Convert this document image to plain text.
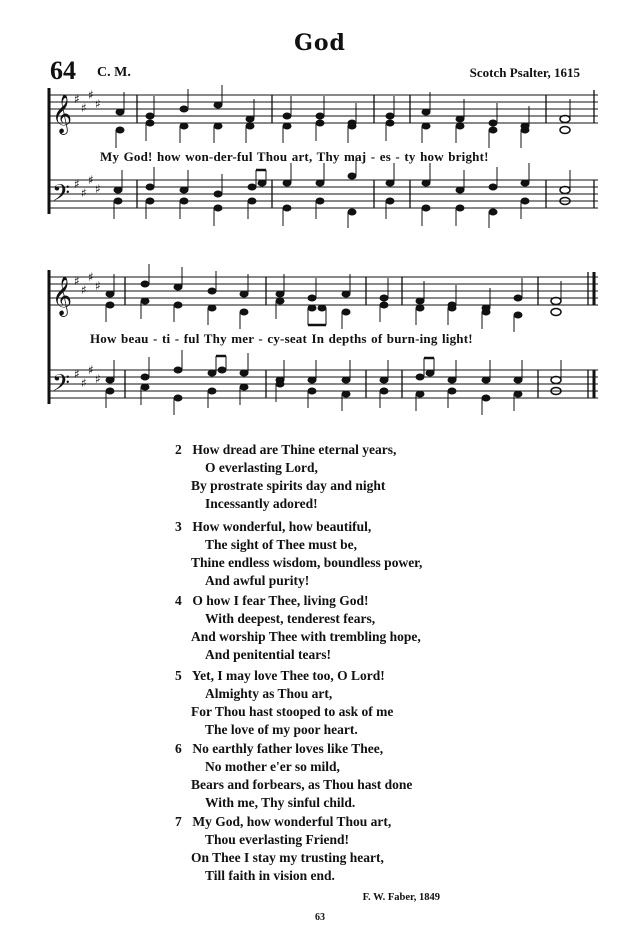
God
64 C. M.	Scotch Psalter, 1615
𝄞
𝄢
♯
♯
♯
♯
♯
♯
♯
♯
My God! how won-der-ful Thou art, Thy maj - es - ty how bright!
𝄞
𝄢
♯
♯
♯
♯
♯
♯
♯
♯
How beau - ti - ful Thy mer - cy-seat In depths of burn-ing light!
2 How dread are Thine eternal years,
O everlasting Lord,
By prostrate spirits day and night
Incessantly adored!
3 How wonderful, how beautiful,
The sight of Thee must be,
Thine endless wisdom, boundless power,
And awful purity!
4 O how I fear Thee, living God!
With deepest, tenderest fears,
And worship Thee with trembling hope,
And penitential tears!
5 Yet, I may love Thee too, O Lord!
Almighty as Thou art,
For Thou hast stooped to ask of me
The love of my poor heart.
6 No earthly father loves like Thee,
No mother e'er so mild,
Bears and forbears, as Thou hast done
With me, Thy sinful child.
7 My God, how wonderful Thou art,
Thou everlasting Friend!
On Thee I stay my trusting heart,
Till faith in vision end.
F. W. Faber, 1849
63
